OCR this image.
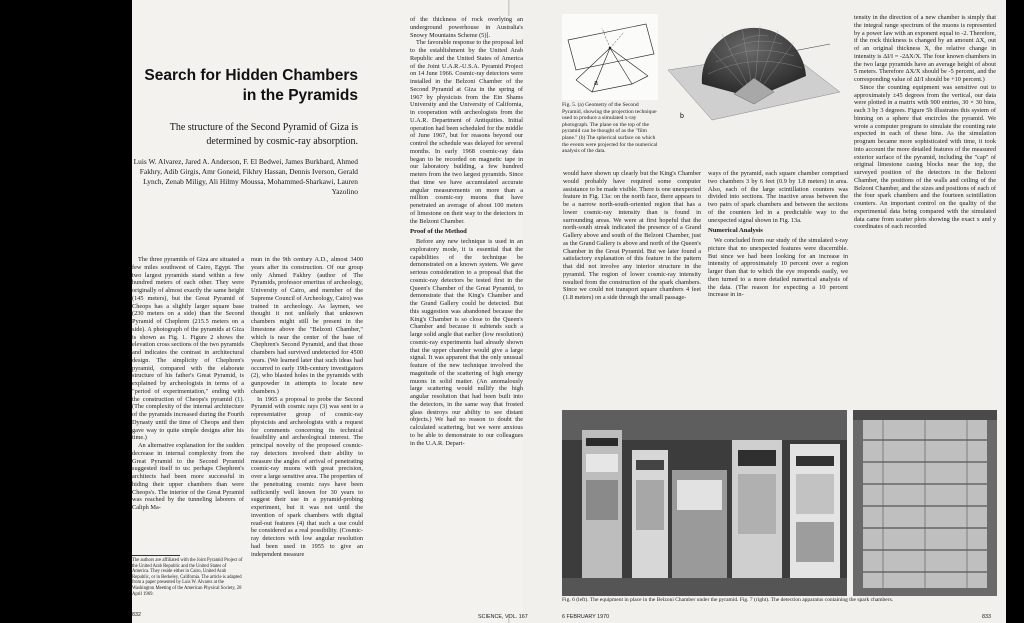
Search for Hidden Chambers in the Pyramids
The structure of the Second Pyramid of Giza is determined by cosmic-ray absorption.
Luis W. Alvarez, Jared A. Anderson, F. El Bedwei, James Burkhard, Ahmed Fakhry, Adib Girgis, Amr Goneid, Fikhry Hassan, Dennis Iverson, Gerald Lynch, Zenab Miligy, Ali Hilmy Moussa, Mohammed-Sharkawi, Lauren Yazolino

The three pyramids of Giza are situated a few miles southwest of Cairo, Egypt. The two largest pyramids stand within a few hundred meters of each other. They were originally of almost exactly the same height (145 meters), but the Great Pyramid of Cheops has a slightly larger square base (230 meters on a side) than the Second Pyramid of Chephren (215.5 meters on a side). A photograph of the pyramids at Giza is shown as Fig. 1. Figure 2 shows the elevation cross sections of the two pyramids and indicates the contrast in architectural design. The simplicity of Chephren's pyramid, compared with the elaborate structure of his father's Great Pyramid, is explained by archeologists in terms of a "period of experimentation," ending with the construction of Cheops's pyramid (1). (The complexity of the internal architecture of the pyramids increased during the Fourth Dynasty until the time of Cheops and then gave way to quite simple designs after his time.)

An alternative explanation for the sudden decrease in internal complexity from the Great Pyramid to the Second Pyramid suggested itself to us: perhaps Chephren's architects had been more successful in hiding their upper chambers than were Cheops's. The interior of the Great Pyramid was reached by the tunneling laborers of Caliph Ma-

The authors are affiliated with the Joint Pyramid Project of the United Arab Republic and the United States of America. They reside either in Cairo, United Arab Republic, or in Berkeley, California. The article is adapted from a paper presented by Luis W. Alvarez at the Washington Meeting of the American Physical Society, 28 April 1969.
832

mun in the 9th century A.D., almost 3400 years after its construction. Of our group only Ahmed Fakhry (author of The Pyramids, professor emeritus of archeology, University of Cairo, and member of the Supreme Council of Archeology, Cairo) was trained in archeology. As laymen, we thought it not unlikely that unknown chambers might still be present in the limestone above the "Belzoni Chamber," which is near the center of the base of Chephren's Second Pyramid, and that those chambers had survived undetected for 4500 years. (We learned later that such ideas had occurred to early 19th-century investigators (2), who blasted holes in the pyramids with gunpowder in attempts to locate new chambers.)

In 1965 a proposal to probe the Second Pyramid with cosmic rays (3) was sent to a representative group of cosmic-ray physicists and archeologists with a request for comments concerning its technical feasibility and archeological interest. The principal novelty of the proposed cosmic-ray detectors involved their ability to measure the angles of arrival of penetrating cosmic-ray muons with great precision, over a large sensitive area. The properties of the penetrating cosmic rays have been sufficiently well known for 30 years to suggest their use in a pyramid-probing experiment, but it was not until the invention of spark chambers with digital read-out features (4) that such a use could be considered as a real possibility. (Cosmic-ray detectors with low angular resolution had been used in 1955 to give an independent measure

of the thickness of rock overlying an underground powerhouse in Australia's Snowy Mountains Scheme (5)].

The favorable response to the proposal led to the establishment by the United Arab Republic and the United States of America of the Joint U.A.R.-U.S.A. Pyramid Project on 14 June 1966. Cosmic-ray detectors were installed in the Belzoni Chamber of the Second Pyramid at Giza in the spring of 1967 by physicists from the Ein Shams University and the University of California, in cooperation with archeologists from the U.A.R. Department of Antiquities. Initial operation had been scheduled for the middle of June 1967, but for reasons beyond our control the schedule was delayed for several months. In early 1968 cosmic-ray data began to be recorded on magnetic tape in our laboratory building, a few hundred meters from the two largest pyramids. Since that time we have accumulated accurate angular measurements on more than a million cosmic-ray muons that have penetrated an average of about 100 meters of limestone on their way to the detectors in the Belzoni Chamber.

Proof of the Method

Before any new technique is used in an exploratory mode, it is essential that the capabilities of the technique be demonstrated on a known system. We gave serious consideration to a proposal that the cosmic-ray detectors be tested first in the Queen's Chamber of the Great Pyramid, to demonstrate that the King's Chamber and the Grand Gallery could be detected. But this suggestion was abandoned because the King's Chamber is so close to the Queen's Chamber and because it subtends such a large solid angle that earlier (low resolution) cosmic-ray experiments had already shown that the upper chamber would give a large signal. It was apparent that the only unusual feature of the new technique involved the magnitude of the scattering of high energy muons in solid matter. (An anomalously large scattering would nullify the high angular resolution that had been built into the detectors, in the same way that frosted glass destroys our ability to see distant objects.) We had no reason to doubt the calculated scattering, but we were anxious to be able to demonstrate to our colleagues in the U.A.R. Depart-

a
b
Fig. 5. (a) Geometry of the Second Pyramid, showing the projection technique used to produce a simulated x-ray photograph. The plane on the top of the pyramid can be thought of as the "film plane." (b) The spherical surface on which the events were projected for the numerical analysis of the data.

would have shown up clearly but the King's Chamber would probably have required some computer assistance to be made visible. There is one unexpected feature in Fig. 13a: on the north face, there appears to be a narrow north-south-oriented region that has a lower cosmic-ray intensity than is found in surrounding areas. We were at first hopeful that the north-south streak indicated the presence of a Grand Gallery above and south of the Belzoni Chamber, just as the Grand Gallery is above and north of the Queen's Chamber in the Great Pyramid. But we later found a satisfactory explanation of this feature in the pattern that did not involve any interior structure in the pyramid. The region of lower cosmic-ray intensity resulted from the construction of the spark chambers. Since we could not transport square chambers 4 feet (1.8 meters) on a side through the small passage-

ways of the pyramid, each square chamber comprised two chambers 3 by 6 feet (0.9 by 1.8 meters) in area. Also, each of the large scintillation counters was divided into sections. The inactive areas between the two pairs of spark chambers and between the sections of the counters led in a predictable way to the unexpected signal shown in Fig. 13a.

Numerical Analysis

We concluded from our study of the simulated x-ray picture that no unexpected features were discernible. But since we had been looking for an increase in intensity of approximately 10 percent over a region larger than that to which the eye responds easily, we then turned to a more detailed numerical analysis of the data. (The reason for expecting a 10 percent increase in in-

tensity in the direction of a new chamber is simply that the integral range spectrum of the muons is represented by a power law with an exponent equal to -2. Therefore, if the rock thickness is changed by an amount ΔX, out of an original thickness X, the relative change in intensity is ΔI/I = -2ΔX/X. The four known chambers in the two large pyramids have an average height of about 5 meters. Therefore ΔX/X should be -5 percent, and the corresponding value of ΔI/I should be +10 percent.)

Since the counting equipment was sensitive out to approximately ±45 degrees from the vertical, our data were plotted in a matrix with 900 entries, 30 × 30 bins, each 3 by 3 degrees. Figure 5b illustrates this system of binning on a sphere that encircles the pyramid. We wrote a computer program to simulate the counting rate expected in each of these bins. As the simulation program became more sophisticated with time, it took into account the more detailed features of the measured exterior surface of the pyramid, including the "cap" of original limestone casing blocks near the top, the surveyed position of the detectors in the Belzoni Chamber, the positions of the walls and ceiling of the Belzoni Chamber, and the sizes and positions of each of the four spark chambers and the fourteen scintillation counters. An important control on the quality of the experimental data being compared with the simulated data came from scatter plots showing the exact x and y coordinates of each recorded

Fig. 6 (left). The equipment in place in the Belzoni Chamber under the pyramid. Fig. 7 (right). The detection apparatus containing the spark chambers.
6 FEBRUARY 1970
SCIENCE, VOL. 167	833
